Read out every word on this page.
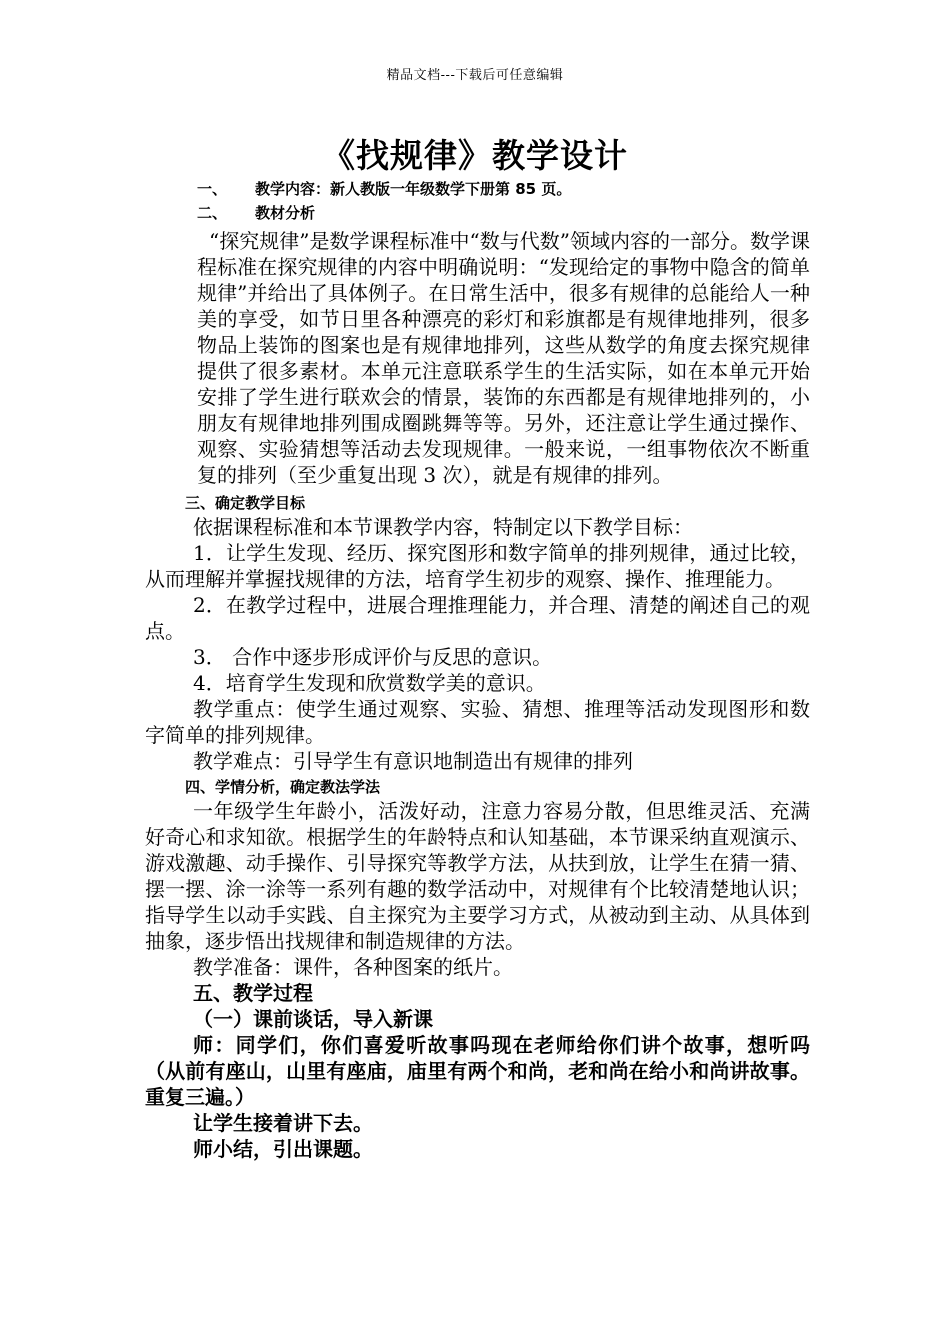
精品文档---下载后可任意编辑
《找规律》教学设计

一、 教学内容：新人教版一年级数学下册第 85 页。

二、 教材分析

“探究规律”是数学课程标准中“数与代数”领域内容的一部分。数学课程标准在探究规律的内容中明确说明：“发现给定的事物中隐含的简单规律”并给出了具体例子。在日常生活中，很多有规律的总能给人一种美的享受，如节日里各种漂亮的彩灯和彩旗都是有规律地排列，很多物品上装饰的图案也是有规律地排列，这些从数学的角度去探究规律提供了很多素材。本单元注意联系学生的生活实际，如在本单元开始安排了学生进行联欢会的情景，装饰的东西都是有规律地排列的，小朋友有规律地排列围成圈跳舞等等。另外，还注意让学生通过操作、观察、实验猜想等活动去发现规律。一般来说，一组事物依次不断重复的排列（至少重复出现 3 次），就是有规律的排列。

三、确定教学目标

依据课程标准和本节课教学内容，特制定以下教学目标：

1．让学生发现、经历、探究图形和数字简单的排列规律，通过比较，从而理解并掌握找规律的方法，培育学生初步的观察、操作、推理能力。

2．在教学过程中，进展合理推理能力，并合理、清楚的阐述自己的观点。

3． 合作中逐步形成评价与反思的意识。

4．培育学生发现和欣赏数学美的意识。

教学重点：使学生通过观察、实验、猜想、推理等活动发现图形和数字简单的排列规律。

教学难点：引导学生有意识地制造出有规律的排列

四、学情分析，确定教法学法

一年级学生年龄小，活泼好动，注意力容易分散，但思维灵活、充满好奇心和求知欲。根据学生的年龄特点和认知基础，本节课采纳直观演示、游戏激趣、动手操作、引导探究等教学方法，从扶到放，让学生在猜一猜、摆一摆、涂一涂等一系列有趣的数学活动中，对规律有个比较清楚地认识；指导学生以动手实践、自主探究为主要学习方式，从被动到主动、从具体到抽象，逐步悟出找规律和制造规律的方法。

教学准备：课件，各种图案的纸片。

五、教学过程

（一）课前谈话，导入新课

师：同学们，你们喜爱听故事吗现在老师给你们讲个故事，想听吗（从前有座山，山里有座庙，庙里有两个和尚，老和尚在给小和尚讲故事。重复三遍。）

让学生接着讲下去。

师小结，引出课题。
